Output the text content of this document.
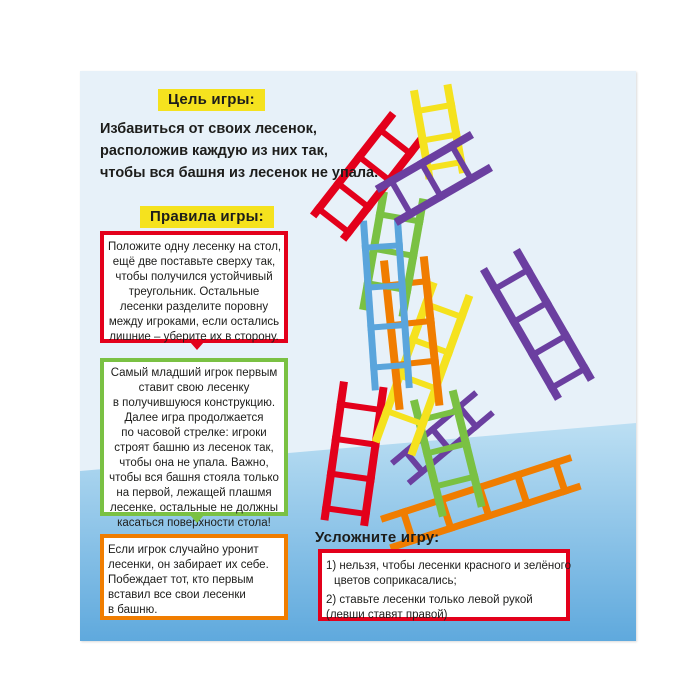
Цель игры:
Избавиться от своих лесенок,
расположив каждую из них так,
чтобы вся башня из лесенок не упала.
Правила игры:
Положите одну лесенку на стол,
ещё две поставьте сверху так,
чтобы получился устойчивый
треугольник. Остальные
лесенки разделите поровну
между игроками, если остались
лишние – уберите их в сторону.
Самый младший игрок первым
ставит свою лесенку
в получившуюся конструкцию.
Далее игра продолжается
по часовой стрелке: игроки
строят башню из лесенок так,
чтобы она не упала. Важно,
чтобы вся башня стояла только
на первой, лежащей плашмя
лесенке, остальные не должны
касаться поверхности стола!
Если игрок случайно уронит
лесенки, он забирает их себе.
Побеждает тот, кто первым
вставил все свои лесенки
в башню.
Усложните игру:
1) нельзя, чтобы лесенки красного и зелёного
цветов соприкасались;
2) ставьте лесенки только левой рукой
(левши ставят правой)
